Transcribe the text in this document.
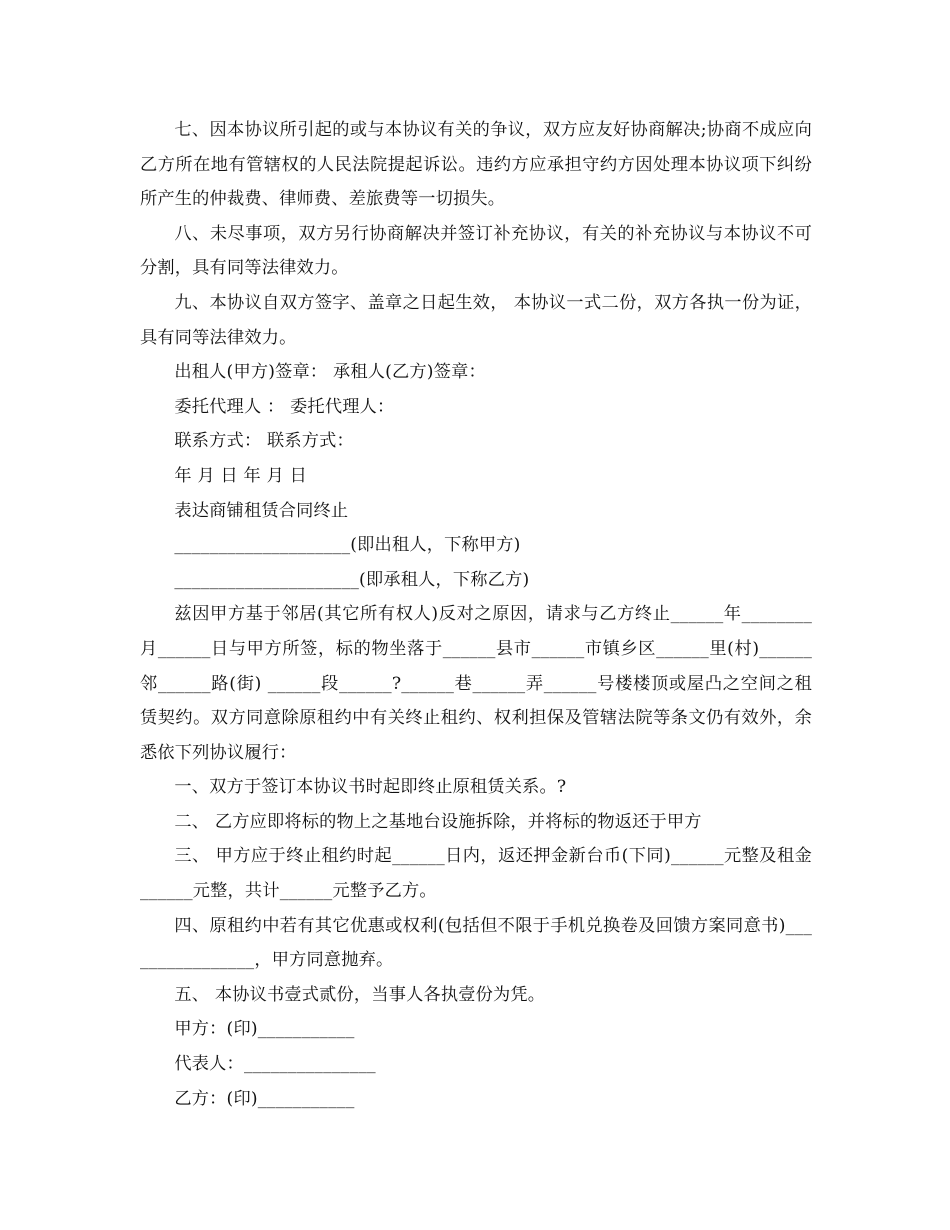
七、因本协议所引起的或与本协议有关的争议，双方应友好协商解决;协商不成应向乙方所在地有管辖权的人民法院提起诉讼。违约方应承担守约方因处理本协议项下纠纷所产生的仲裁费、律师费、差旅费等一切损失。

八、未尽事项，双方另行协商解决并签订补充协议，有关的补充协议与本协议不可分割，具有同等法律效力。

九、本协议自双方签字、盖章之日起生效， 本协议一式二份，双方各执一份为证，具有同等法律效力。

出租人(甲方)签章： 承租人(乙方)签章：

委托代理人 ： 委托代理人：

联系方式： 联系方式：

年 月 日 年 月 日

表达商铺租赁合同终止

____________________(即出租人，下称甲方)

_____________________(即承租人，下称乙方)

兹因甲方基于邻居(其它所有权人)反对之原因，请求与乙方终止______年________月______日与甲方所签，标的物坐落于______县市______市镇乡区______里(村)______邻______路(街) ______段______?______巷______弄______号楼楼顶或屋凸之空间之租赁契约。双方同意除原租约中有关终止租约、权利担保及管辖法院等条文仍有效外，余悉依下列协议履行：

一、双方于签订本协议书时起即终止原租赁关系。?

二、 乙方应即将标的物上之基地台设施拆除，并将标的物返还于甲方

三、 甲方应于终止租约时起______日内，返还押金新台币(下同)______元整及租金______元整，共计______元整予乙方。

四、原租约中若有其它优惠或权利(包括但不限于手机兑换卷及回馈方案同意书)________________，甲方同意抛弃。

五、 本协议书壹式贰份，当事人各执壹份为凭。

甲方：(印)___________

代表人：_______________

乙方：(印)___________
